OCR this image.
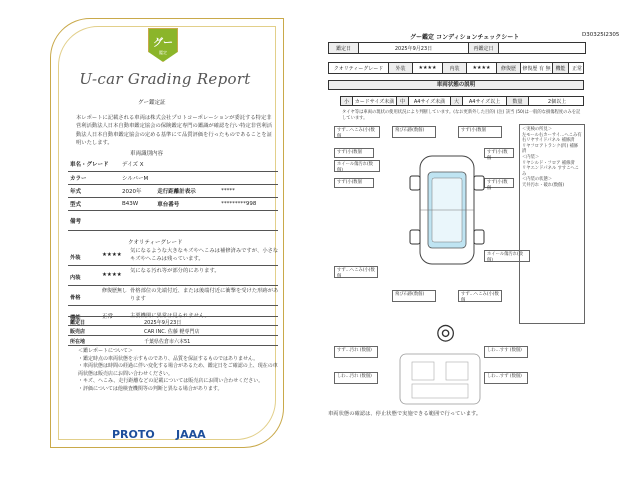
グー
鑑定
U-car Grading Report
グー鑑定証
本レポートに記載される車両は株式会社プロトコーポレーションが委託する特定非営利活動法人日本自動車鑑定協会の保険鑑定専門の鑑識が確認を行い特定非営利活動法人日本自動車鑑定協会の定める基準にて品質評価を行ったものであることを証明いたします。
車両識別内容
車名・グレード	デイズ X		
カラー	シルバーM		
年式	2020年	走行距離計表示	*****
型式	B43W	車台番号	*********998
備考			
クオリティーグレード
外装	★★★★
気になるような大きなキズやへこみは補修済みですが、小さなキズやへこみは残っています。
内装	★★★★
気になる汚れ等が部分的にあります。
骨格
修復歴無し 骨格部位の先端付近、または後端付近に衝撃を受けた形跡があります
機能	正常	主要機関に異常は見られません。
鑑定日	2025年9月23日
販売店	CAR INC. 佐藤 軽専門店
所在地	千葉県佐倉市六本51
＜鑑レポートについて＞
・鑑定時点の車両状態を示すものであり、品質を保証するものではありません。
・車両状態は時間の経過に伴い変化する場合があるため、鑑定日をご確認の上、現在の車両状態は販売店にお問い合わせください。
・キズ、へこみ、走行距離などの記載については販売店にお問い合わせください。
・評価については他検査機関等の判断と異なる場合があります。
PROTO JAAA
グー鑑定 コンディションチェックシート	D30325I2305
鑑定日	2025年9月23日	再鑑定日
クオリティーグレード	外装	★★★★	内装	★★★★	修復歴	修復歴 有 無 機能	正常
車両状態の説明
小	カードサイズ未満	中	A4サイズ未満	大	A4サイズ以上	数量	2個以上
タイヤ等は車両の現状の使用状況により判断しています。(なお更新外した目的) (注) 該当 (50)は一般的な損傷程度のみを記しています。
すず…へこみ(小)数個
飛び石跡(数個)	すず(小)数個
すず(小)数個
ホイール傷汚れ(数個)
すず(小)数個
ホイール傷汚れ(数個)
すず(小)数個
すず…へこみ(小)数個
すず(小)数個
飛び石跡(数個)	すず…へこみ(小)数個
＜実検の所見＞
左モール右カーサイ…へこみ有
右リヤサイドパネル 補修済
リヤフロアトランク(凹) 補修済
＜内装＞
リヤシルド・フロア 補修済
リヤエンドパネル すすこへこみ
＜内装の状態＞
天井汚れ・破れ(数個)
◎
すず…汚れ (数個)	しわ…すす (数個)
しわ…汚れ (数個)	しわ…すず (数個)
車両状態の確認は、停止状態で実施できる範囲で行っています。
